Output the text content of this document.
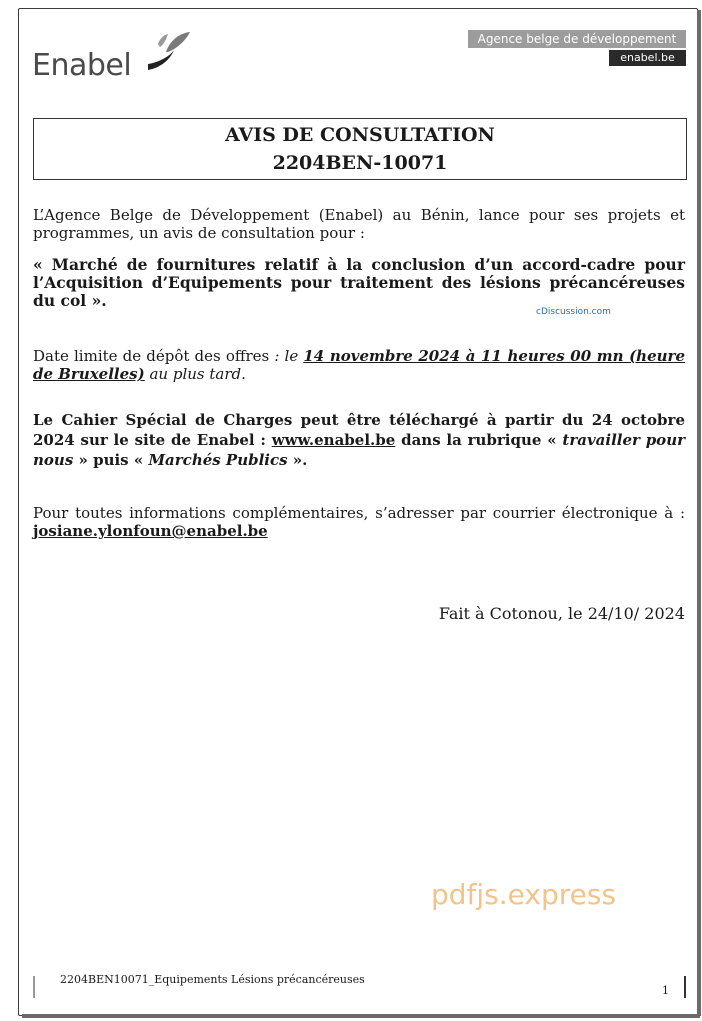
Enabel
Agence belge de développement
enabel.be
AVIS DE CONSULTATION
2204BEN-10071

L’Agence Belge de Développement (Enabel) au Bénin, lance pour ses projets et programmes, un avis de consultation pour :

« Marché de fournitures relatif à la conclusion d’un accord-cadre pour l’Acquisition d’Equipements pour traitement des lésions précancéreuses du col ».

cDiscussion.com

Date limite de dépôt des offres : le 14 novembre 2024 à 11 heures 00 mn (heure de Bruxelles) au plus tard.

Le Cahier Spécial de Charges peut être téléchargé à partir du 24 octobre 2024 sur le site de Enabel : www.enabel.be dans la rubrique « travailler pour nous » puis « Marchés Publics ».

Pour toutes informations complémentaires, s’adresser par courrier électronique à : josiane.ylonfoun@enabel.be

Fait à Cotonou, le 24/10/ 2024
pdfjs.express
2204BEN10071_Equipements Lésions précancéreuses
1
